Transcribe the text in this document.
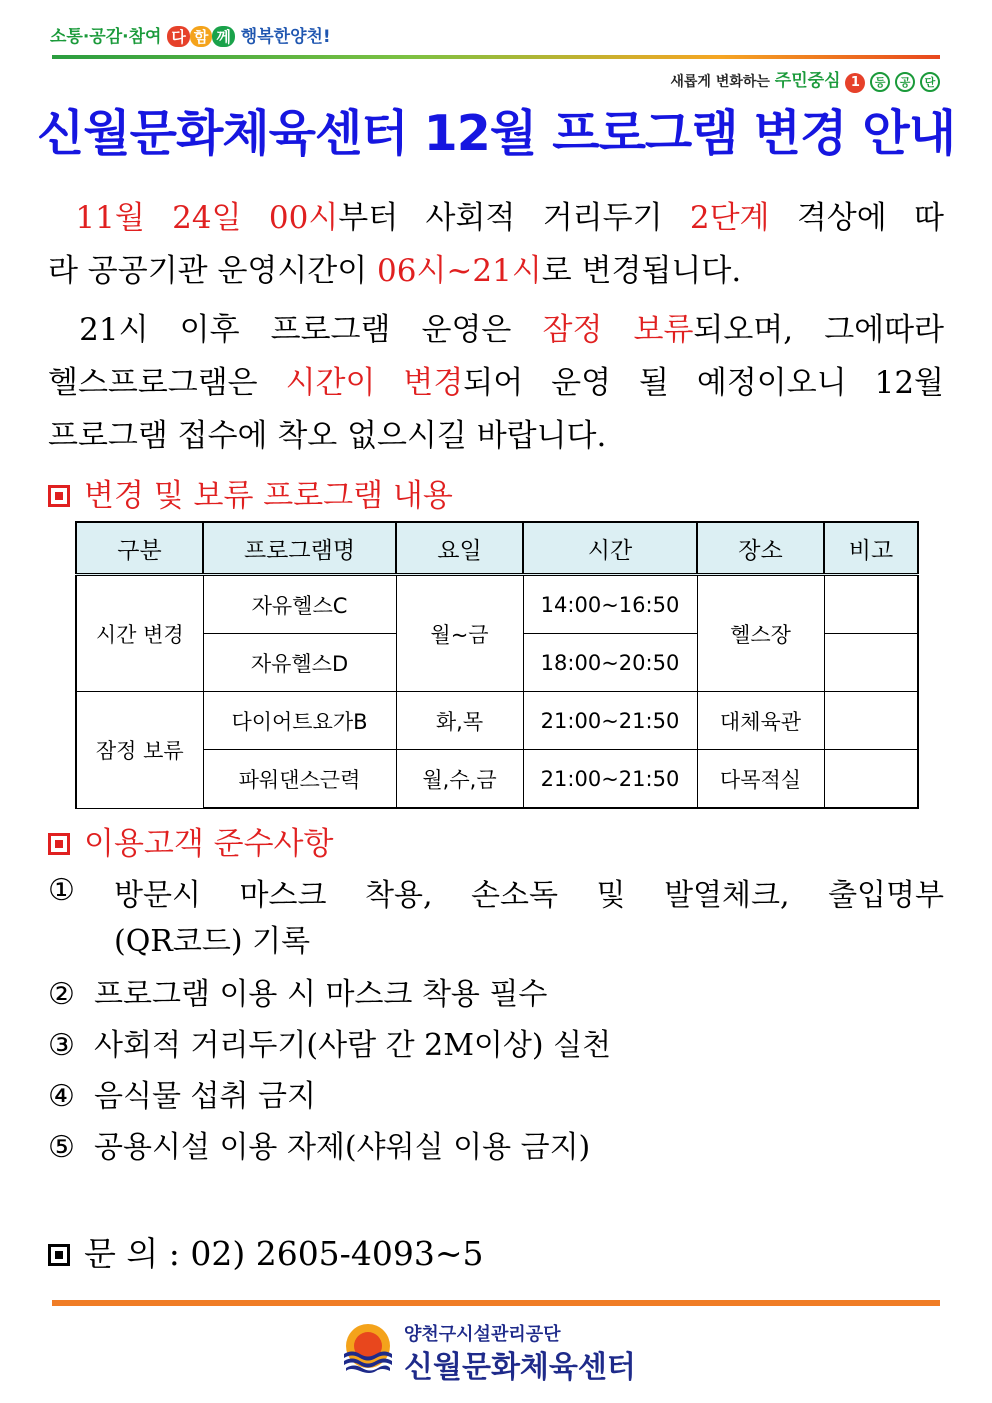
소통·공감·참여 다 함 께 행복한양천!
새롭게 변화하는 주민중심 1 등 공 단
신월문화체육센터 12월 프로그램 변경 안내
11월 24일 00시부터 사회적 거리두기 2단계 격상에 따
라 공공기관 운영시간이 06시~21시로 변경됩니다.
21시 이후 프로그램 운영은 잠정 보류되오며, 그에따라
헬스프로그램은 시간이 변경되어 운영 될 예정이오니 12월
프로그램 접수에 착오 없으시길 바랍니다.
변경 및 보류 프로그램 내용
구분	프로그램명	요일	시간	장소	비고
시간 변경	자유헬스C	월~금	14:00~16:50	헬스장	
	자유헬스D		18:00~20:50		
잠정 보류	다이어트요가B	화,목	21:00~21:50	대체육관	
	파워댄스근력	월,수,금	21:00~21:50	다목적실	
이용고객 준수사항
①	방문시 마스크 착용, 손소독 및 발열체크, 출입명부
(QR코드) 기록
② 프로그램 이용 시 마스크 착용 필수
③ 사회적 거리두기(사람 간 2M이상) 실천
④ 음식물 섭취 금지
⑤ 공용시설 이용 자제(샤워실 이용 금지)
문 의 : 02) 2605-4093~5
양천구시설관리공단
신월문화체육센터
